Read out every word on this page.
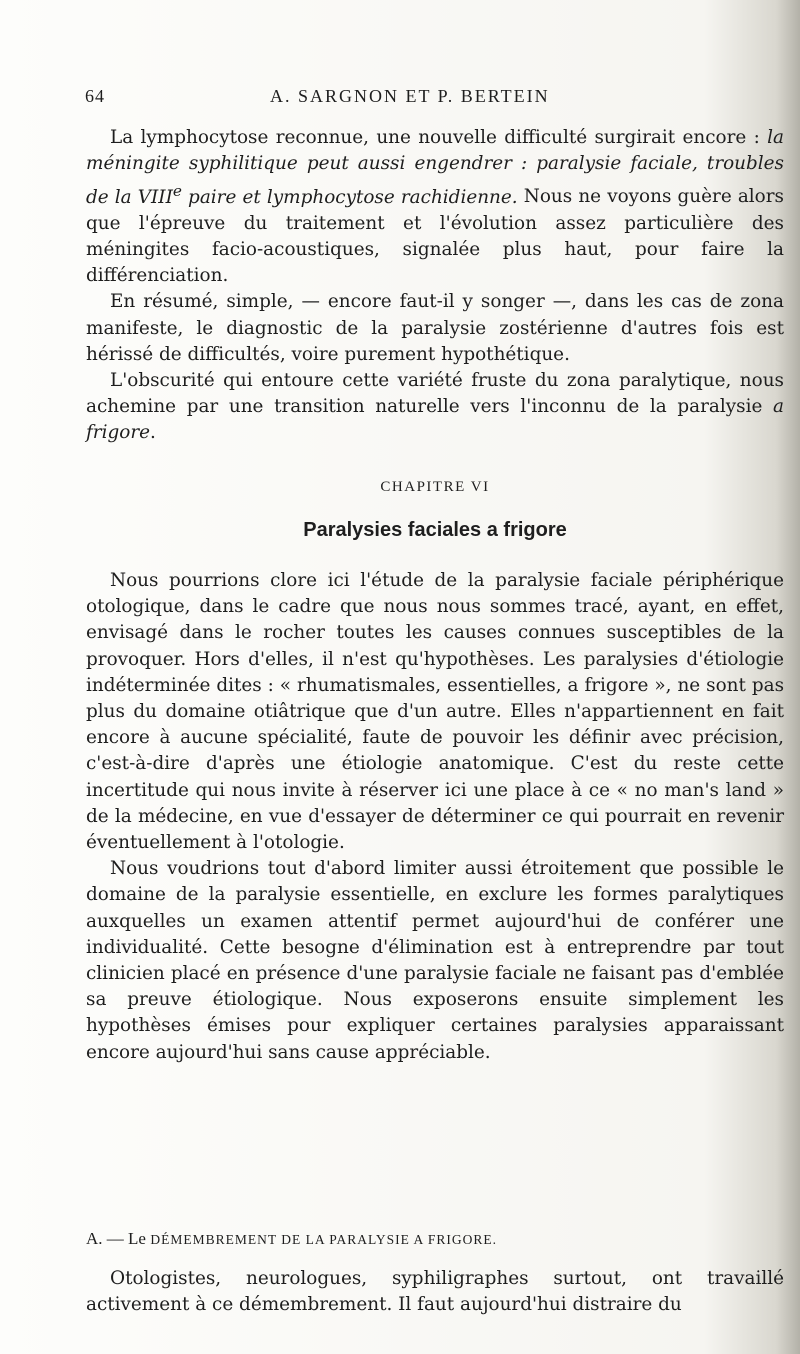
64	A. SARGNON ET P. BERTEIN

La lymphocytose reconnue, une nouvelle difficulté surgirait encore : la méningite syphilitique peut aussi engendrer : paralysie faciale, troubles de la VIIIe paire et lymphocytose rachidienne. Nous ne voyons guère alors que l'épreuve du traitement et l'évolution assez particulière des méningites facio-acoustiques, signalée plus haut, pour faire la différenciation.

En résumé, simple, — encore faut-il y songer —, dans les cas de zona manifeste, le diagnostic de la paralysie zostérienne d'autres fois est hérissé de difficultés, voire purement hypothétique.

L'obscurité qui entoure cette variété fruste du zona paralytique, nous achemine par une transition naturelle vers l'inconnu de la paralysie a frigore.

CHAPITRE VI
Paralysies faciales a frigore

Nous pourrions clore ici l'étude de la paralysie faciale périphérique otologique, dans le cadre que nous nous sommes tracé, ayant, en effet, envisagé dans le rocher toutes les causes connues susceptibles de la provoquer. Hors d'elles, il n'est qu'hypothèses. Les paralysies d'étiologie indéterminée dites : « rhumatismales, essentielles, a frigore », ne sont pas plus du domaine otiâtrique que d'un autre. Elles n'appartiennent en fait encore à aucune spécialité, faute de pouvoir les définir avec précision, c'est-à-dire d'après une étiologie anatomique. C'est du reste cette incertitude qui nous invite à réserver ici une place à ce « no man's land » de la médecine, en vue d'essayer de déterminer ce qui pourrait en revenir éventuellement à l'otologie.

Nous voudrions tout d'abord limiter aussi étroitement que possible le domaine de la paralysie essentielle, en exclure les formes paralytiques auxquelles un examen attentif permet aujourd'hui de conférer une individualité. Cette besogne d'élimination est à entreprendre par tout clinicien placé en présence d'une paralysie faciale ne faisant pas d'emblée sa preuve étiologique. Nous exposerons ensuite simplement les hypothèses émises pour expliquer certaines paralysies apparaissant encore aujourd'hui sans cause appréciable.

A. — Le DÉMEMBREMENT DE LA PARALYSIE A FRIGORE.

Otologistes, neurologues, syphiligraphes surtout, ont travaillé activement à ce démembrement. Il faut aujourd'hui distraire du
